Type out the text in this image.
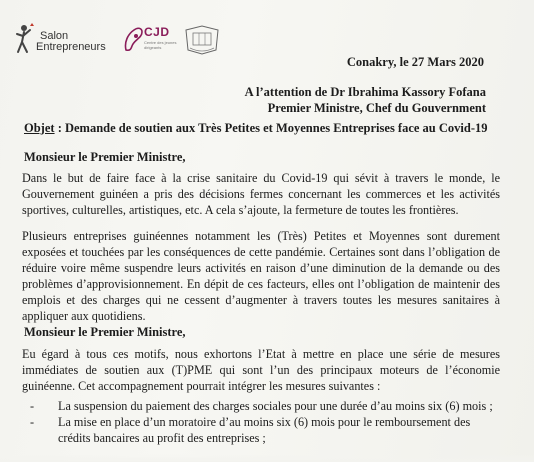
Salon
Entrepreneurs
CJD
Centre des jeunes dirigeants
Conakry, le 27 Mars 2020
A l’attention de Dr Ibrahima Kassory Fofana
Premier Ministre, Chef du Gouvernment
Objet : Demande de soutien aux Très Petites et Moyennes Entreprises face au Covid-19
Monsieur le Premier Ministre,

Dans le but de faire face à la crise sanitaire du Covid-19 qui sévit à travers le monde, le Gouvernement guinéen a pris des décisions fermes concernant les commerces et les activités sportives, culturelles, artistiques, etc. A cela s’ajoute, la fermeture de toutes les frontières.

Plusieurs entreprises guinéennes notamment les (Très) Petites et Moyennes sont durement exposées et touchées par les conséquences de cette pandémie. Certaines sont dans l’obligation de réduire voire même suspendre leurs activités en raison d’une diminution de la demande ou des problèmes d’approvisionnement. En dépit de ces facteurs, elles ont l’obligation de maintenir des emplois et des charges qui ne cessent d’augmenter à travers toutes les mesures sanitaires à appliquer aux quotidiens.

Monsieur le Premier Ministre,

Eu égard à tous ces motifs, nous exhortons l’Etat à mettre en place une série de mesures immédiates de soutien aux (T)PME qui sont l’un des principaux moteurs de l’économie guinéenne. Cet accompagnement pourrait intégrer les mesures suivantes :

- La suspension du paiement des charges sociales pour une durée d’au moins six (6) mois ;
- La mise en place d’un moratoire d’au moins six (6) mois pour le remboursement des crédits bancaires au profit des entreprises ;
